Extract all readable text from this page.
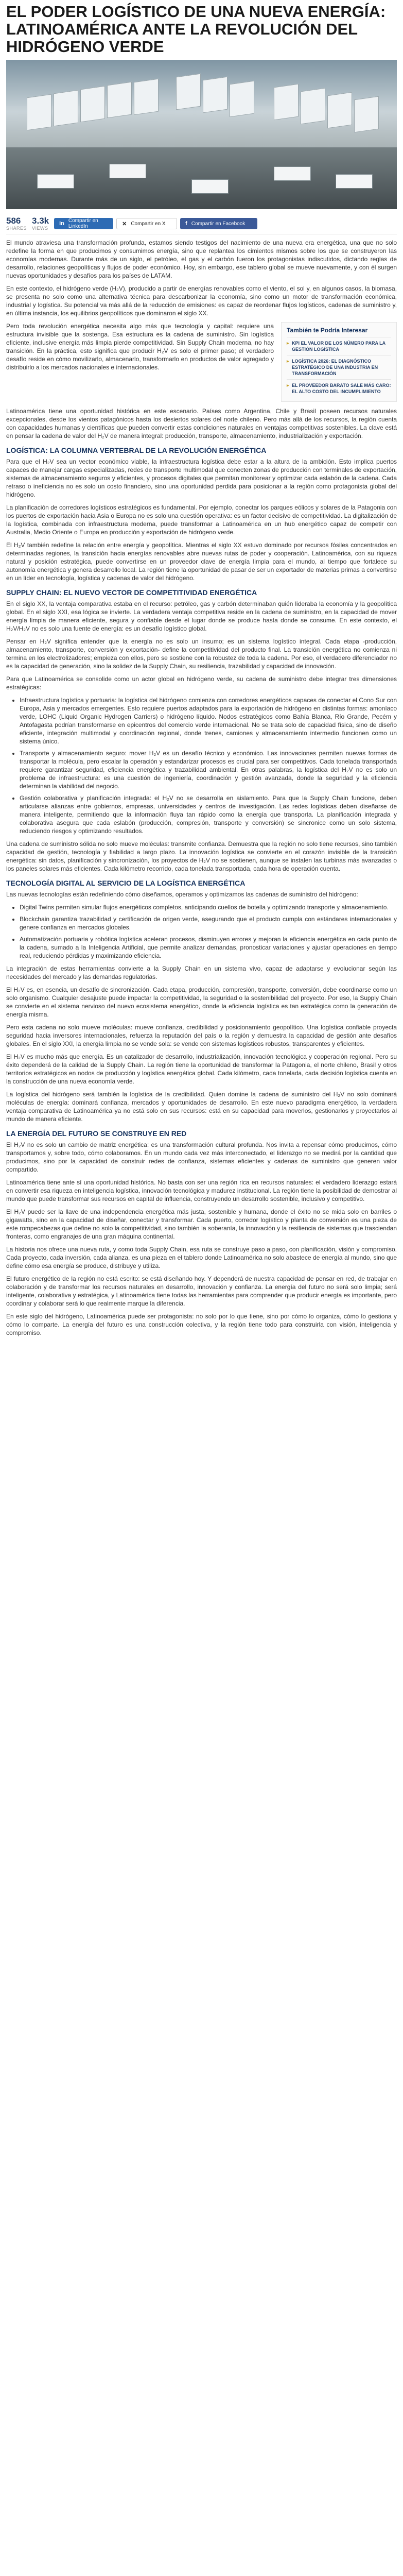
EL PODER LOGÍSTICO DE UNA NUEVA ENERGÍA: LATINOAMÉRICA ANTE LA REVOLUCIÓN DEL HIDRÓGENO VERDE
586
SHARES
3.3k
VIEWS
in Compartir en LinkedIn	✕ Compartir en X	f Compartir en Facebook

El mundo atraviesa una transformación profunda, estamos siendo testigos del nacimiento de una nueva era energética, una que no solo redefine la forma en que producimos y consumimos energía, sino que replantea los cimientos mismos sobre los que se construyeron las economías modernas. Durante más de un siglo, el petróleo, el gas y el carbón fueron los protagonistas indiscutidos, dictando reglas de desarrollo, relaciones geopolíticas y flujos de poder económico. Hoy, sin embargo, ese tablero global se mueve nuevamente, y con él surgen nuevas oportunidades y desafíos para los países de LATAM.

En este contexto, el hidrógeno verde (H₂V), producido a partir de energías renovables como el viento, el sol y, en algunos casos, la biomasa, se presenta no solo como una alternativa técnica para descarbonizar la economía, sino como un motor de transformación económica, industrial y logística. Su potencial va más allá de la reducción de emisiones: es capaz de reordenar flujos logísticos, cadenas de suministro y, en última instancia, los equilibrios geopolíticos que dominaron el siglo XX.

También te Podría Interesar
▶ KPI EL VALOR DE LOS NÚMERO PARA LA GESTIÓN LOGÍSTICA
▶ LOGÍSTICA 2026: EL DIAGNÓSTICO ESTRATÉGICO DE UNA INDUSTRIA EN TRANSFORMACIÓN
▶ EL PROVEEDOR BARATO SALE MÁS CARO: EL ALTO COSTO DEL INCUMPLIMIENTO

Pero toda revolución energética necesita algo más que tecnología y capital: requiere una estructura invisible que la sostenga. Esa estructura es la cadena de suministro. Sin logística eficiente, inclusive energía más limpia pierde competitividad. Sin Supply Chain moderna, no hay transición. En la práctica, esto significa que producir H₂V es solo el primer paso; el verdadero desafío reside en cómo movilizarlo, almacenarlo, transformarlo en productos de valor agregado y distribuirlo a los mercados nacionales e internacionales.

Latinoamérica tiene una oportunidad histórica en este escenario. Países como Argentina, Chile y Brasil poseen recursos naturales excepcionales, desde los vientos patagónicos hasta los desiertos solares del norte chileno. Pero más allá de los recursos, la región cuenta con capacidades humanas y científicas que pueden convertir estas condiciones naturales en ventajas competitivas sostenibles. La clave está en pensar la cadena de valor del H₂V de manera integral: producción, transporte, almacenamiento, industrialización y exportación.

LOGÍSTICA: LA COLUMNA VERTEBRAL DE LA REVOLUCIÓN ENERGÉTICA

Para que el H₂V sea un vector económico viable, la infraestructura logística debe estar a la altura de la ambición. Esto implica puertos capaces de manejar cargas especializadas, redes de transporte multimodal que conecten zonas de producción con terminales de exportación, sistemas de almacenamiento seguros y eficientes, y procesos digitales que permitan monitorear y optimizar cada eslabón de la cadena. Cada retraso o ineficiencia no es solo un costo financiero, sino una oportunidad perdida para posicionar a la región como protagonista global del hidrógeno.

La planificación de corredores logísticos estratégicos es fundamental. Por ejemplo, conectar los parques eólicos y solares de la Patagonia con los puertos de exportación hacia Asia o Europa no es solo una cuestión operativa: es un factor decisivo de competitividad. La digitalización de la logística, combinada con infraestructura moderna, puede transformar a Latinoamérica en un hub energético capaz de competir con Australia, Medio Oriente o Europa en producción y exportación de hidrógeno verde.

El H₂V también redefine la relación entre energía y geopolítica. Mientras el siglo XX estuvo dominado por recursos fósiles concentrados en determinadas regiones, la transición hacia energías renovables abre nuevas rutas de poder y cooperación. Latinoamérica, con su riqueza natural y posición estratégica, puede convertirse en un proveedor clave de energía limpia para el mundo, al tiempo que fortalece su autonomía energética y genera desarrollo local. La región tiene la oportunidad de pasar de ser un exportador de materias primas a convertirse en un líder en tecnología, logística y cadenas de valor del hidrógeno.

SUPPLY CHAIN: EL NUEVO VECTOR DE COMPETITIVIDAD ENERGÉTICA

En el siglo XX, la ventaja comparativa estaba en el recurso: petróleo, gas y carbón determinaban quién lideraba la economía y la geopolítica global. En el siglo XXI, esa lógica se invierte. La verdadera ventaja competitiva reside en la cadena de suministro, en la capacidad de mover energía limpia de manera eficiente, segura y confiable desde el lugar donde se produce hasta donde se consume. En este contexto, el H₂V/H₂V no es solo una fuente de energía: es un desafío logístico global.

Pensar en H₂V significa entender que la energía no es solo un insumo; es un sistema logístico integral. Cada etapa -producción, almacenamiento, transporte, conversión y exportación- define la competitividad del producto final. La transición energética no comienza ni termina en los electrolizadores; empieza con ellos, pero se sostiene con la robustez de toda la cadena. Por eso, el verdadero diferenciador no es la capacidad de generación, sino la solidez de la Supply Chain, su resiliencia, trazabilidad y capacidad de innovación.

Para que Latinoamérica se consolide como un actor global en hidrógeno verde, su cadena de suministro debe integrar tres dimensiones estratégicas:

• Infraestructura logística y portuaria: la logística del hidrógeno comienza con corredores energéticos capaces de conectar el Cono Sur con Europa, Asia y mercados emergentes. Esto requiere puertos adaptados para la exportación de hidrógeno en distintas formas: amoníaco verde, LOHC (Liquid Organic Hydrogen Carriers) o hidrógeno líquido. Nodos estratégicos como Bahía Blanca, Río Grande, Pecém y Antofagasta podrían transformarse en epicentros del comercio verde internacional. No se trata solo de capacidad física, sino de diseño eficiente, integración multimodal y coordinación regional, donde trenes, camiones y almacenamiento intermedio funcionen como un sistema único.
• Transporte y almacenamiento seguro: mover H₂V es un desafío técnico y económico. Las innovaciones permiten nuevas formas de transportar la molécula, pero escalar la operación y estandarizar procesos es crucial para ser competitivos. Cada tonelada transportada requiere garantizar seguridad, eficiencia energética y trazabilidad ambiental. En otras palabras, la logística del H₂V no es solo un problema de infraestructura: es una cuestión de ingeniería, coordinación y gestión avanzada, donde la seguridad y la eficiencia determinan la viabilidad del negocio.
• Gestión colaborativa y planificación integrada: el H₂V no se desarrolla en aislamiento. Para que la Supply Chain funcione, deben articularse alianzas entre gobiernos, empresas, universidades y centros de investigación. Las redes logísticas deben diseñarse de manera inteligente, permitiendo que la información fluya tan rápido como la energía que transporta. La planificación integrada y colaborativa asegura que cada eslabón (producción, compresión, transporte y conversión) se sincronice como un solo sistema, reduciendo riesgos y optimizando resultados.

Una cadena de suministro sólida no solo mueve moléculas: transmite confianza. Demuestra que la región no solo tiene recursos, sino también capacidad de gestión, tecnología y fiabilidad a largo plazo. La innovación logística se convierte en el corazón invisible de la transición energética: sin datos, planificación y sincronización, los proyectos de H₂V no se sostienen, aunque se instalen las turbinas más avanzadas o los paneles solares más eficientes. Cada kilómetro recorrido, cada tonelada transportada, cada hora de operación cuenta.

TECNOLOGÍA DIGITAL AL SERVICIO DE LA LOGÍSTICA ENERGÉTICA

Las nuevas tecnologías están redefiniendo cómo diseñamos, operamos y optimizamos las cadenas de suministro del hidrógeno:

• Digital Twins permiten simular flujos energéticos completos, anticipando cuellos de botella y optimizando transporte y almacenamiento.
• Blockchain garantiza trazabilidad y certificación de origen verde, asegurando que el producto cumpla con estándares internacionales y genere confianza en mercados globales.
• Automatización portuaria y robótica logística aceleran procesos, disminuyen errores y mejoran la eficiencia energética en cada punto de la cadena, sumado a la Inteligencia Artificial, que permite analizar demandas, pronosticar variaciones y ajustar operaciones en tiempo real, reduciendo pérdidas y maximizando eficiencia.

La integración de estas herramientas convierte a la Supply Chain en un sistema vivo, capaz de adaptarse y evolucionar según las necesidades del mercado y las demandas regulatorias.

El H₂V es, en esencia, un desafío de sincronización. Cada etapa, producción, compresión, transporte, conversión, debe coordinarse como un solo organismo. Cualquier desajuste puede impactar la competitividad, la seguridad o la sostenibilidad del proyecto. Por eso, la Supply Chain se convierte en el sistema nervioso del nuevo ecosistema energético, donde la eficiencia logística es tan estratégica como la generación de energía misma.

Pero esta cadena no solo mueve moléculas: mueve confianza, credibilidad y posicionamiento geopolítico. Una logística confiable proyecta seguridad hacia inversores internacionales, refuerza la reputación del país o la región y demuestra la capacidad de gestión ante desafíos globales. En el siglo XXI, la energía limpia no se vende sola: se vende con sistemas logísticos robustos, transparentes y eficientes.

El H₂V es mucho más que energía. Es un catalizador de desarrollo, industrialización, innovación tecnológica y cooperación regional. Pero su éxito dependerá de la calidad de la Supply Chain. La región tiene la oportunidad de transformar la Patagonia, el norte chileno, Brasil y otros territorios estratégicos en nodos de producción y logística energética global. Cada kilómetro, cada tonelada, cada decisión logística cuenta en la construcción de una nueva economía verde.

La logística del hidrógeno será también la logística de la credibilidad. Quien domine la cadena de suministro del H₂V no solo dominará moléculas de energía: dominará confianza, mercados y oportunidades de desarrollo. En este nuevo paradigma energético, la verdadera ventaja comparativa de Latinoamérica ya no está solo en sus recursos: está en su capacidad para moverlos, gestionarlos y proyectarlos al mundo de manera eficiente.

LA ENERGÍA DEL FUTURO SE CONSTRUYE EN RED

El H₂V no es solo un cambio de matriz energética: es una transformación cultural profunda. Nos invita a repensar cómo producimos, cómo transportamos y, sobre todo, cómo colaboramos. En un mundo cada vez más interconectado, el liderazgo no se medirá por la cantidad que producimos, sino por la capacidad de construir redes de confianza, sistemas eficientes y cadenas de suministro que generen valor compartido.

Latinoamérica tiene ante sí una oportunidad histórica. No basta con ser una región rica en recursos naturales: el verdadero liderazgo estará en convertir esa riqueza en inteligencia logística, innovación tecnológica y madurez institucional. La región tiene la posibilidad de demostrar al mundo que puede transformar sus recursos en capital de influencia, construyendo un desarrollo sostenible, inclusivo y competitivo.

El H₂V puede ser la llave de una independencia energética más justa, sostenible y humana, donde el éxito no se mida solo en barriles o gigawatts, sino en la capacidad de diseñar, conectar y transformar. Cada puerto, corredor logístico y planta de conversión es una pieza de este rompecabezas que define no solo la competitividad, sino también la soberanía, la innovación y la resiliencia de sistemas que trasciendan fronteras, como engranajes de una gran máquina continental.

La historia nos ofrece una nueva ruta, y como toda Supply Chain, esa ruta se construye paso a paso, con planificación, visión y compromiso. Cada proyecto, cada inversión, cada alianza, es una pieza en el tablero donde Latinoamérica no solo abastece de energía al mundo, sino que define cómo esa energía se produce, distribuye y utiliza.

El futuro energético de la región no está escrito: se está diseñando hoy. Y dependerá de nuestra capacidad de pensar en red, de trabajar en colaboración y de transformar los recursos naturales en desarrollo, innovación y confianza. La energía del futuro no será solo limpia; será inteligente, colaborativa y estratégica, y Latinoamérica tiene todas las herramientas para comprender que producir energía es importante, pero coordinar y colaborar será lo que realmente marque la diferencia.

En este siglo del hidrógeno, Latinoamérica puede ser protagonista: no solo por lo que tiene, sino por cómo lo organiza, cómo lo gestiona y cómo lo comparte. La energía del futuro es una construcción colectiva, y la región tiene todo para construirla con visión, inteligencia y compromiso.
